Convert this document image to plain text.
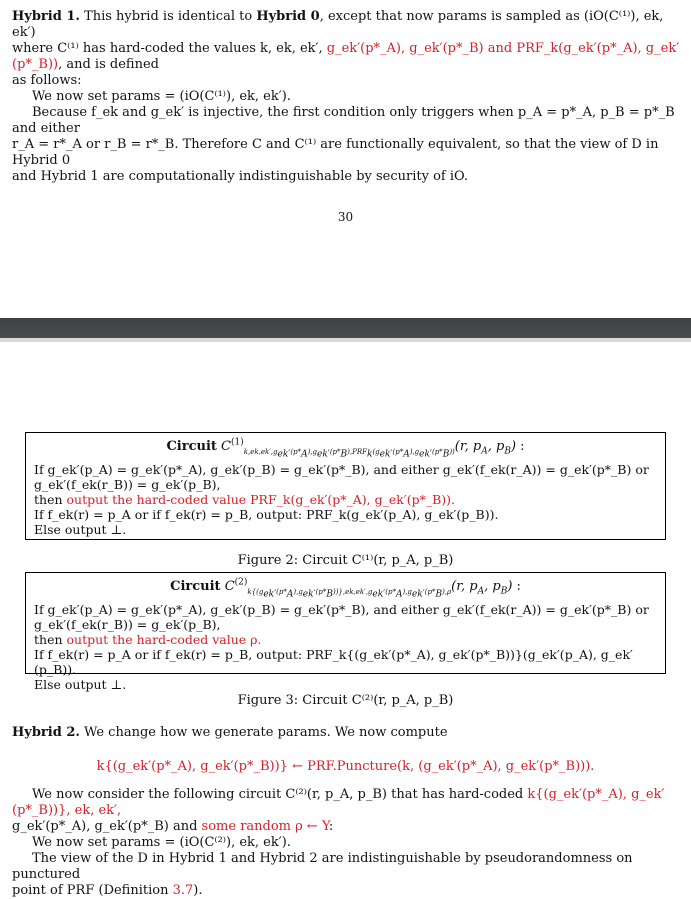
Hybrid 1. This hybrid is identical to Hybrid 0, except that now params is sampled as (iO(C⁽¹⁾), ek, ek′)
where C⁽¹⁾ has hard-coded the values k, ek, ek′, g_ek′(p*_A), g_ek′(p*_B) and PRF_k(g_ek′(p*_A), g_ek′(p*_B)), and is defined
as follows:
We now set params = (iO(C⁽¹⁾), ek, ek′).
Because f_ek and g_ek′ is injective, the first condition only triggers when p_A = p*_A, p_B = p*_B and either
r_A = r*_A or r_B = r*_B. Therefore C and C⁽¹⁾ are functionally equivalent, so that the view of D in Hybrid 0
and Hybrid 1 are computationally indistinguishable by security of iO.
30
Circuit $C^{(1)}_{k,ek,ek',g_{ek'}(p*_A),g_{ek'}(p*_B),PRF_k(g_{ek'}(p*_A),g_{ek'}(p*_B))}(r$, $p_A$, $p_B$) :
If g_ek′(p_A) = g_ek′(p*_A), g_ek′(p_B) = g_ek′(p*_B), and either g_ek′(f_ek(r_A)) = g_ek′(p*_B) or g_ek′(f_ek(r_B)) = g_ek′(p_B),
then output the hard-coded value PRF_k(g_ek′(p*_A), g_ek′(p*_B)).
If f_ek(r) = p_A or if f_ek(r) = p_B, output: PRF_k(g_ek′(p_A), g_ek′(p_B)).
Else output ⊥.
Figure 2: Circuit C⁽¹⁾(r, p_A, p_B)
Circuit $C^{(2)}_{k\{(g_{ek'}(p*_A),g_{ek'}(p*_B))\},ek,ek',g_{ek'}(p*_A),g_{ek'}(p*_B),\rho}(r$, $p_A$, $p_B$) :
If g_ek′(p_A) = g_ek′(p*_A), g_ek′(p_B) = g_ek′(p*_B), and either g_ek′(f_ek(r_A)) = g_ek′(p*_B) or g_ek′(f_ek(r_B)) = g_ek′(p_B),
then output the hard-coded value ρ.
If f_ek(r) = p_A or if f_ek(r) = p_B, output: PRF_k{(g_ek′(p*_A), g_ek′(p*_B))}(g_ek′(p_A), g_ek′(p_B)).
Else output ⊥.
Figure 3: Circuit C⁽²⁾(r, p_A, p_B)
Hybrid 2. We change how we generate params. We now compute
k{(g_ek′(p*_A), g_ek′(p*_B))} ← PRF.Puncture(k, (g_ek′(p*_A), g_ek′(p*_B))).
We now consider the following circuit C⁽²⁾(r, p_A, p_B) that has hard-coded k{(g_ek′(p*_A), g_ek′(p*_B))}, ek, ek′,
g_ek′(p*_A), g_ek′(p*_B) and some random ρ ← Y:
We now set params = (iO(C⁽²⁾), ek, ek′).
The view of the D in Hybrid 1 and Hybrid 2 are indistinguishable by pseudorandomness on punctured
point of PRF (Definition 3.7).
